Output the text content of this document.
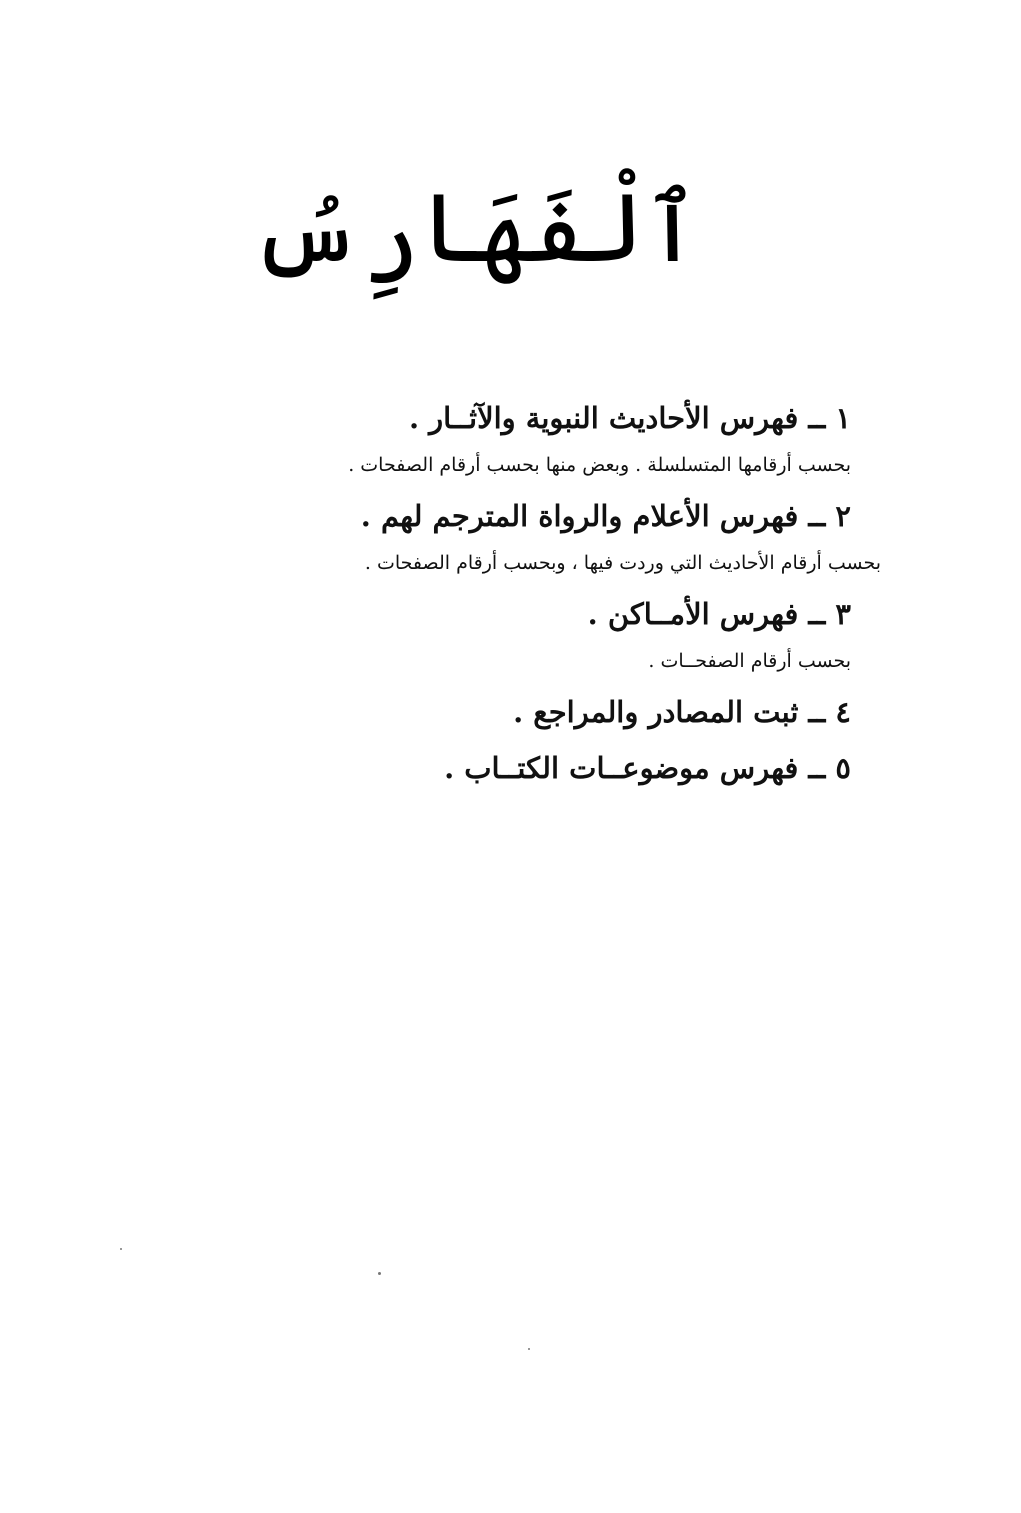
ٱلْفَهَارِسُ
١ــفهرس الأحاديث النبوية والآثــار .
بحسب أرقامها المتسلسلة . وبعض منها بحسب أرقام الصفحات .
٢ــفهرس الأعلام والرواة المترجم لهم .
بحسب أرقام الأحاديث التي وردت فيها ، وبحسب أرقام الصفحات .
٣ــفهرس الأمــاكن .
بحسب أرقام الصفحــات .
٤ــثبت المصادر والمراجع .
٥ــفهرس موضوعــات الكتــاب .
